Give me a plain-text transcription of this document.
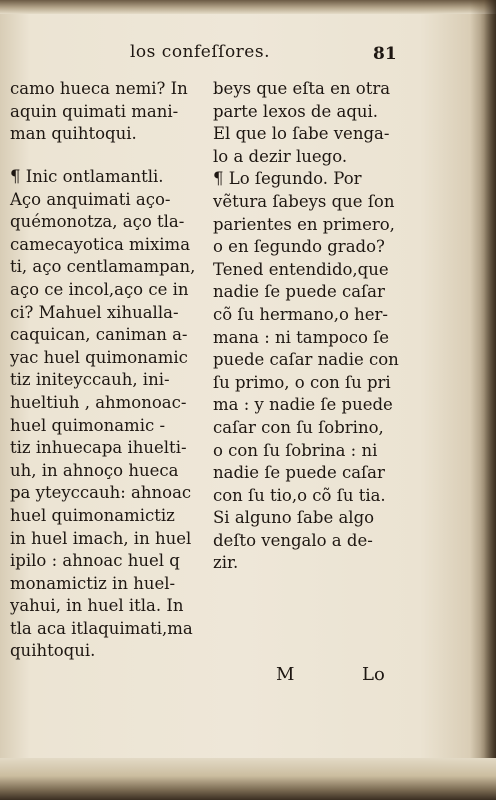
los confeſſores.	81
camo hueca nemi? In
aquin quimati mani-
man quihtoqui.
¶ Inic ontlamantli.
Aço anquimati aço-
quémonotza, aço tla-
camecayotica mixima
ti, aço centlamampan,
aço ce incol,aço ce in
ci? Mahuel xihualla-
caquican, caniman a-
yac huel quimonamic
tiz initeyccauh, ini-
hueltiuh , ahmonoac-
huel quimonamic -
tiz inhuecapa ihuelti-
uh, in ahnoço hueca
pa yteyccauh: ahnoac
huel quimonamictiz
in huel imach, in huel
ipilo : ahnoac huel q
monamictiz in huel-
yahui, in huel itla. In
tla aca itlaquimati,ma
quihtoqui.
beys que eſta en otra
parte lexos de aqui.
El que lo ſabe venga-
lo a dezir luego.
¶ Lo ſegundo. Por
vẽtura ſabeys que ſon
parientes en primero,
o en ſegundo grado?
Tened entendido,que
nadie ſe puede caſar
cõ ſu hermano,o her-
mana : ni tampoco ſe
puede caſar nadie con
ſu primo, o con ſu pri
ma : y nadie ſe puede
caſar con ſu ſobrino,
o con ſu ſobrina : ni
nadie ſe puede caſar
con ſu tio,o cõ ſu tia.
Si alguno ſabe algo
deſto vengalo a de-
zir.
M	Lo
